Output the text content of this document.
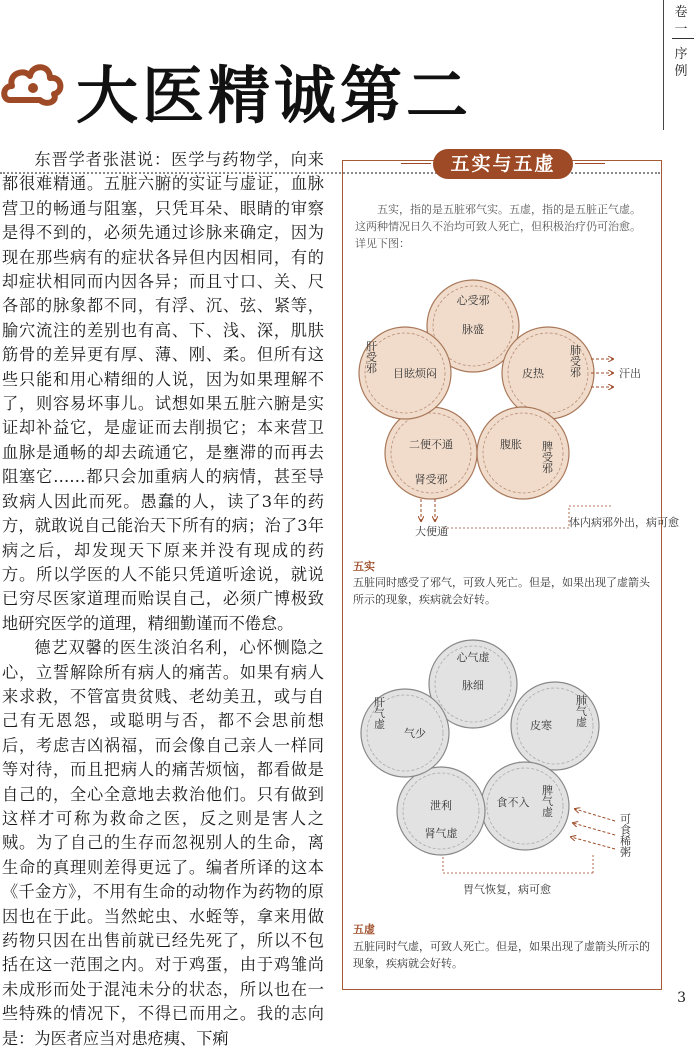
卷一
序例
大医精诚第二

东晋学者张湛说：医学与药物学，向来都很难精通。五脏六腑的实证与虚证，血脉营卫的畅通与阻塞，只凭耳朵、眼睛的审察是得不到的，必须先通过诊脉来确定，因为现在那些病有的症状各异但内因相同，有的却症状相同而内因各异；而且寸口、关、尺各部的脉象都不同，有浮、沉、弦、紧等，腧穴流注的差别也有高、下、浅、深，肌肤筋骨的差异更有厚、薄、刚、柔。但所有这些只能和用心精细的人说，因为如果理解不了，则容易坏事儿。试想如果五脏六腑是实证却补益它，是虚证而去削损它；本来营卫血脉是通畅的却去疏通它，是壅滞的而再去阻塞它……都只会加重病人的病情，甚至导致病人因此而死。愚蠢的人，读了3年的药方，就敢说自己能治天下所有的病；治了3年病之后，却发现天下原来并没有现成的药方。所以学医的人不能只凭道听途说，就说已穷尽医家道理而贻误自己，必须广博极致地研究医学的道理，精细勤谨而不倦怠。

德艺双馨的医生淡泊名利，心怀恻隐之心，立誓解除所有病人的痛苦。如果有病人来求救，不管富贵贫贱、老幼美丑，或与自己有无恩怨，或聪明与否，都不会思前想后，考虑吉凶祸福，而会像自己亲人一样同等对待，而且把病人的痛苦烦恼，都看做是自己的，全心全意地去救治他们。只有做到这样才可称为救命之医，反之则是害人之贼。为了自己的生存而忽视别人的生命，离生命的真理则差得更远了。编者所译的这本《千金方》，不用有生命的动物作为药物的原因也在于此。当然蛇虫、水蛭等，拿来用做药物只因在出售前就已经先死了，所以不包括在这一范围之内。对于鸡蛋，由于鸡雏尚未成形而处于混沌未分的状态，所以也在一些特殊的情况下，不得已而用之。我的志向是：为医者应当对患疮痍、下痢

五实与五虚
五实，指的是五脏邪气实。五虚，指的是五脏正气虚。这两种情况日久不治均可致人死亡，但积极治疗仍可治愈。详见下图：
心受邪
脉盛
皮热 肺受邪
腹胀 脾受邪
二便不通
肾受邪
肝受邪 目眩烦闷	汗出
大便通
体内病邪外出，病可愈
心气虚
脉细
皮寒 肺气虚
食不入 脾气虚
泄利
肾气虚
肝气虚
气少
可食稀粥
胃气恢复，病可愈
五实
五脏同时感受了邪气，可致人死亡。但是，如果出现了虚箭头所示的现象，疾病就会好转。
五虚
五脏同时气虚，可致人死亡。但是，如果出现了虚箭头所示的现象，疾病就会好转。
3
